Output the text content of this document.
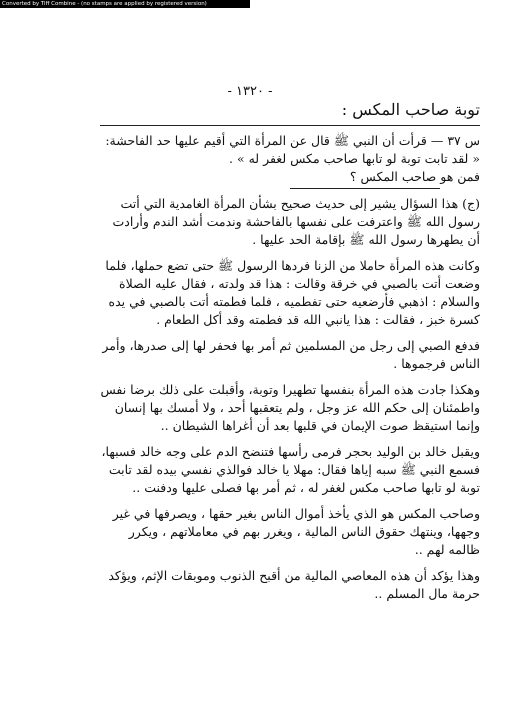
Converted by Tiff Combine - (no stamps are applied by registered version)
- ١٣٢٠ -
توبة صاحب المكس :
س ٣٧ — قرأت أن النبي ﷺ قال عن المرأة التي أقيم عليها حد الفاحشة:
« لقد تابت توبة لو تابها صاحب مكس لغفر له » .
فمن هو صاحب المكس ؟

(ج) هذا السؤال يشير إلى حديث صحيح بشأن المرأة الغامدية التي أتت رسول الله ﷺ واعترفت على نفسها بالفاحشة وندمت أشد الندم وأرادت أن يطهرها رسول الله ﷺ بإقامة الحد عليها .

وكانت هذه المرأة حاملا من الزنا فردها الرسول ﷺ حتى تضع حملها، فلما وضعت أتت بالصبي في خرقة وقالت : هذا قد ولدته ، فقال عليه الصلاة والسلام : اذهبي فأرضعيه حتى تفطميه ، فلما فطمته أتت بالصبي في يده كسرة خبز ، فقالت : هذا يانبي الله قد فطمته وقد أكل الطعام .

فدفع الصبي إلى رجل من المسلمين ثم أمر بها فحفر لها إلى صدرها، وأمر الناس فرجموها .

وهكذا جادت هذه المرأة بنفسها تطهيرا وتوبة، وأقبلت على ذلك برضا نفس واطمئنان إلى حكم الله عز وجل ، ولم يتعقبها أحد ، ولا أمسك بها إنسان وإنما استيقظ صوت الإيمان في قلبها بعد أن أغراها الشيطان ..

ويقبل خالد بن الوليد بحجر فرمى رأسها فتنضح الدم على وجه خالد فسبها، فسمع النبي ﷺ سبه إياها فقال: مهلا يا خالد فوالذي نفسي بيده لقد تابت توبة لو تابها صاحب مكس لغفر له ، ثم أمر بها فصلى عليها ودفنت ..

وصاحب المكس هو الذي يأخذ أموال الناس بغير حقها ، ويصرفها في غير وجهها، وينتهك حقوق الناس المالية ، ويغرر بهم في معاملاتهم ، ويكرر ظالمه لهم ..

وهذا يؤكد أن هذه المعاصي المالية من أقبح الذنوب وموبقات الإثم، ويؤكد حرمة مال المسلم ..
